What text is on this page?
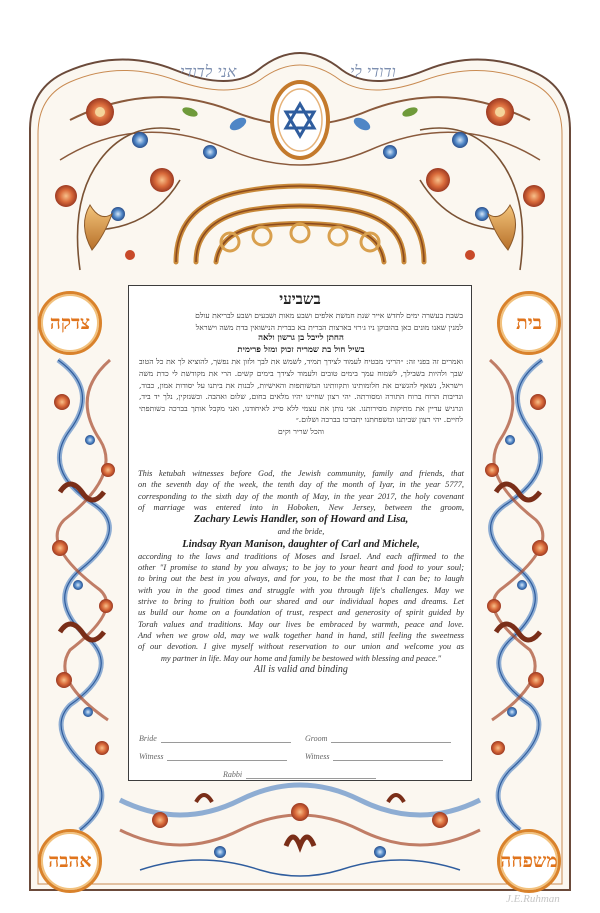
ודודי לי
אני לדודי
צדקה	בית
אהבה	משפחה
בשביעי
בשבת בעשרה ימים לחדש אייר שנת חמשת אלפים ושבע מאות ושבעים ושבע לבריאת עולם
למנין שאנו מונים כאן בהובוקן ניו ג׳רזי בארצות הברית בא בברית הנישואין בדת משה וישראל
החתן לייבל בן גרשון ולאה
בשיל חול בת שמריה זכוק ומזל פרימית
ואמרים זה בפני זה: ״הריני מבטיח לעמוד לצידך תמיד, לשמש את לבך ולזון את נפשך, להוציא לך את כל הטוב שבך ולהיות בשבילך, לשמוח עמך בימים טובים ולעמוד לצידך בימים קשים. הרי את מקודשת לי כדת משה וישראל, נשאף להגשים את חלומותינו ותקוותינו המשותפות והאישיות, לבנות את ביתנו על יסודות אמון, כבוד, ונדיבות הרוח ברוח התורה ומסורתה. יהי רצון שחיינו יהיו מלאים בחום, שלום ואהבה. וכשנזקין, נלך יד ביד, ונרגיש עדיין את מתיקות מסירותנו. אני נותן את עצמי ללא סייג לאיחודנו, ואני מקבל אותך בברכה כשותפתי לחיים. יהי רצון שביתנו ומשפחתנו יתברכו בברכה ושלום.״
והכל שריר וקים
This ketubah witnesses before God, the Jewish community, family and friends, that
on the seventh day of the week, the tenth day of the month of Iyar, in the year 5777,
corresponding to the sixth day of the month of May, in the year 2017, the holy covenant
of marriage was entered into in Hoboken, New Jersey, between the groom,
Zachary Lewis Handler, son of Howard and Lisa,
and the bride,
Lindsay Ryan Manison, daughter of Carl and Michele,
according to the laws and traditions of Moses and Israel. And each affirmed to the
other "I promise to stand by you always; to be joy to your heart and food to your soul;
to bring out the best in you always, and for you, to be the most that I can be; to laugh
with you in the good times and struggle with you through life's challenges. May we
strive to bring to fruition both our shared and our individual hopes and dreams. Let
us build our home on a foundation of trust, respect and generosity of spirit guided by
Torah values and traditions. May our lives be embraced by warmth, peace and love.
And when we grow old, may we walk together hand in hand, still feeling the sweetness
of our devotion. I give myself without reservation to our union and welcome you as
my partner in life. May our home and family be bestowed with blessing and peace."
All is valid and binding
Bride	Groom
Witness	Witness
Rabbi
J.E.Ruhman
